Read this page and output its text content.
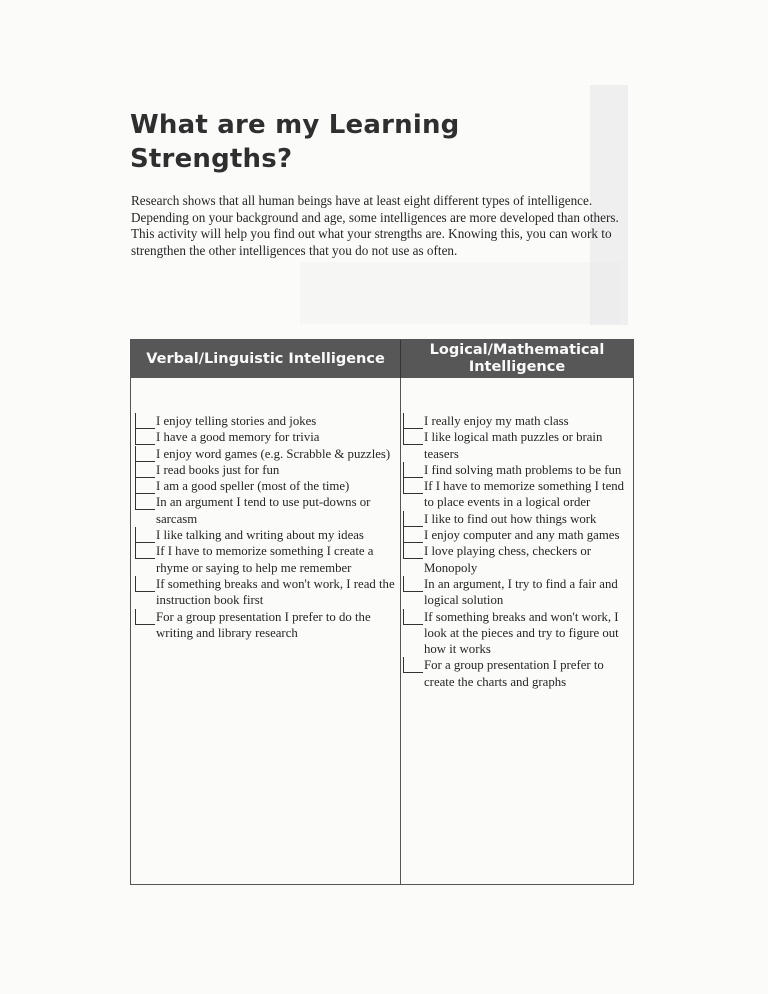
What are my Learning
Strengths?
Research shows that all human beings have at least eight different types of intelligence. Depending on your background and age, some intelligences are more developed than others. This activity will help you find out what your strengths are. Knowing this, you can work to strengthen the other intelligences that you do not use as often.
Verbal/Linguistic Intelligence
Logical/Mathematical
Intelligence
I enjoy telling stories and jokes
I have a good memory for trivia
I enjoy word games (e.g. Scrabble & puzzles)
I read books just for fun
I am a good speller (most of the time)
In an argument I tend to use put-downs or sarcasm
I like talking and writing about my ideas
If I have to memorize something I create a rhyme or saying to help me remember
If something breaks and won't work, I read the instruction book first
For a group presentation I prefer to do the writing and library research
I really enjoy my math class
I like logical math puzzles or brain teasers
I find solving math problems to be fun
If I have to memorize something I tend to place events in a logical order
I like to find out how things work
I enjoy computer and any math games
I love playing chess, checkers or Monopoly
In an argument, I try to find a fair and logical solution
If something breaks and won't work, I look at the pieces and try to figure out how it works
For a group presentation I prefer to create the charts and graphs
